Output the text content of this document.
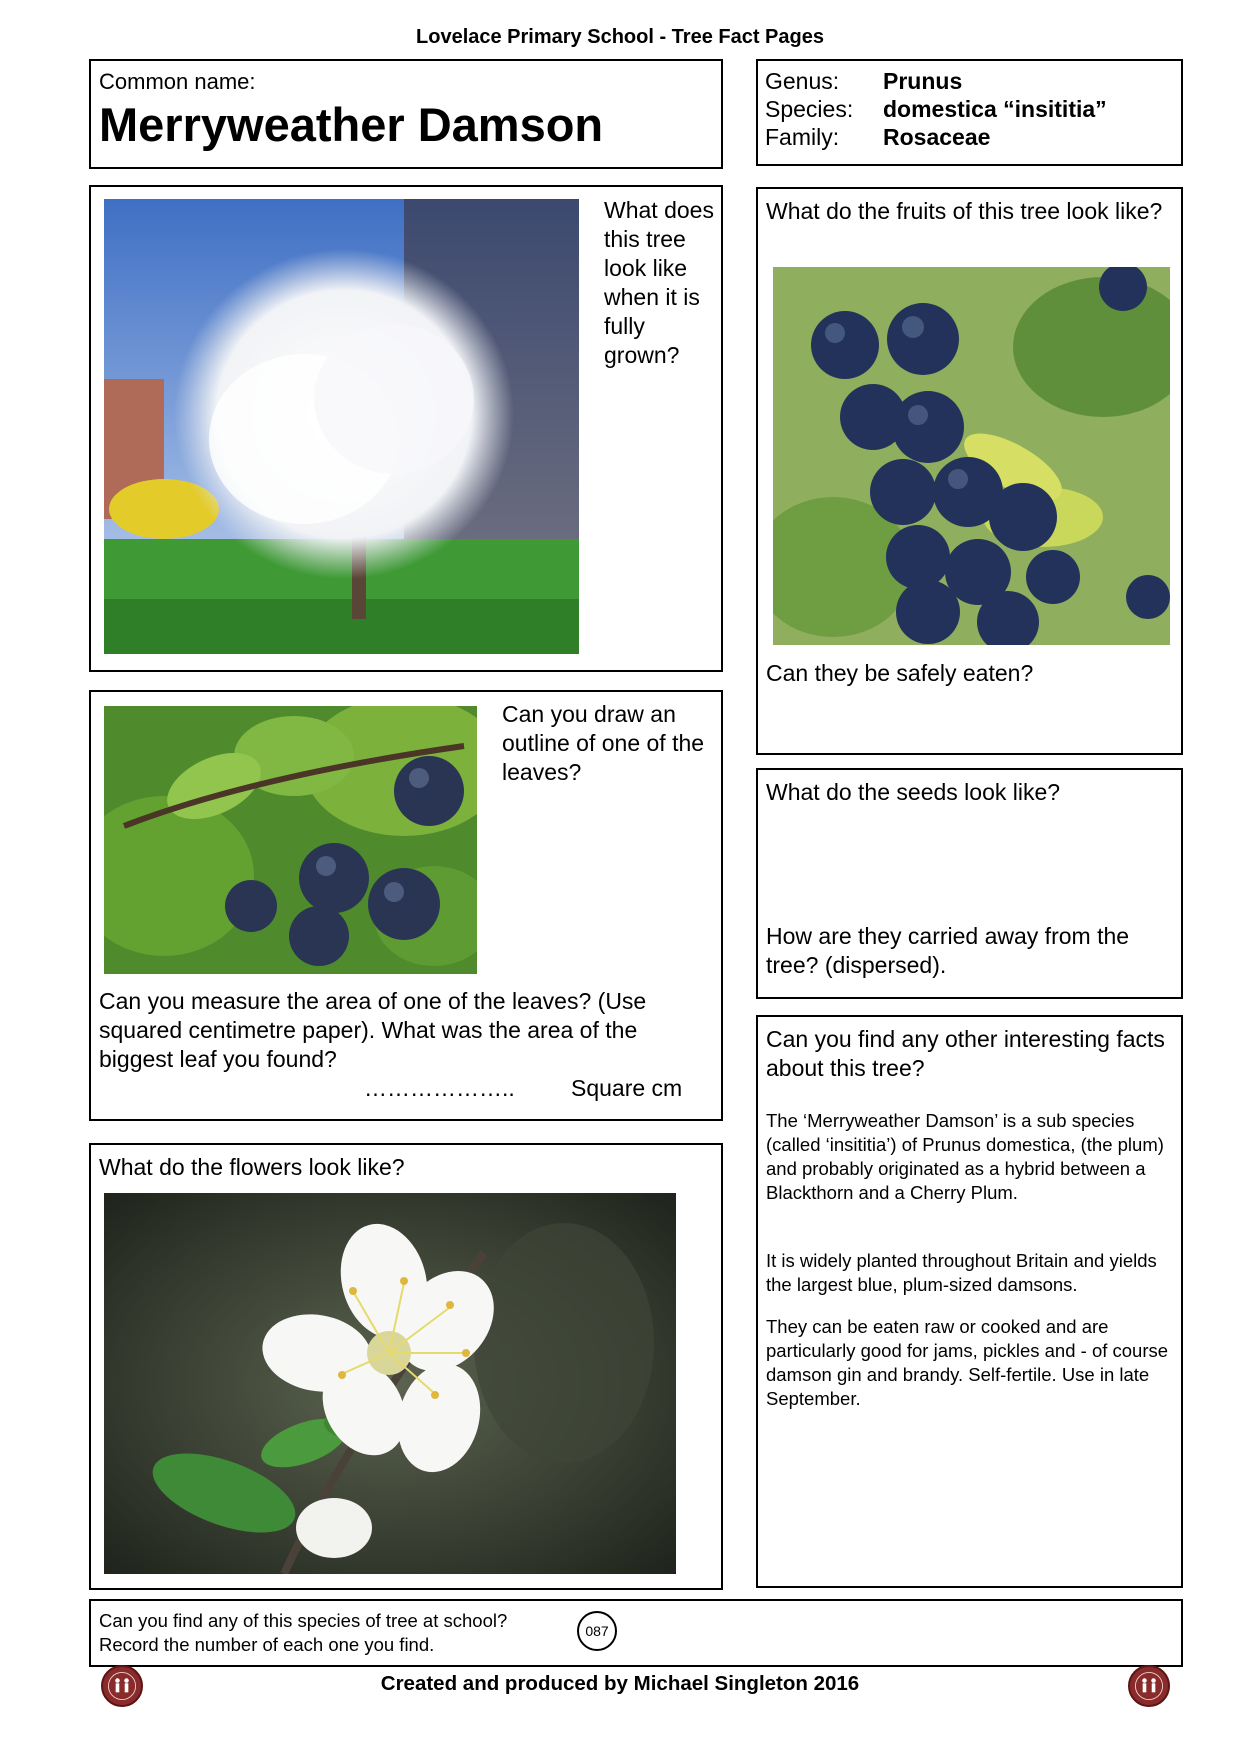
Lovelace Primary School - Tree Fact Pages
Common name:
Merryweather Damson
Genus:	Prunus
Species:	domestica “insititia”
Family:	Rosaceae
What does this tree look like when it is fully grown?
What do the fruits of this tree look like?
Can they be safely eaten?
Can you draw an outline of one of the leaves?
Can you measure the area of one of the leaves? (Use squared centimetre paper). What was the area of the biggest leaf you found?
……………….. Square cm
What do the seeds look like?
How are they carried away from the tree? (dispersed).
What do the flowers look like?
Can you find any other interesting facts about this tree?
The ‘Merryweather Damson’ is a sub species (called ‘insititia’) of Prunus domestica, (the plum) and probably originated as a hybrid between a Blackthorn and a Cherry Plum.
It is widely planted throughout Britain and yields the largest blue, plum-sized damsons.
They can be eaten raw or cooked and are particularly good for jams, pickles and - of course damson gin and brandy. Self-fertile. Use in late September.
Can you find any of this species of tree at school?
Record the number of each one you find.
087
Created and produced by Michael Singleton 2016
